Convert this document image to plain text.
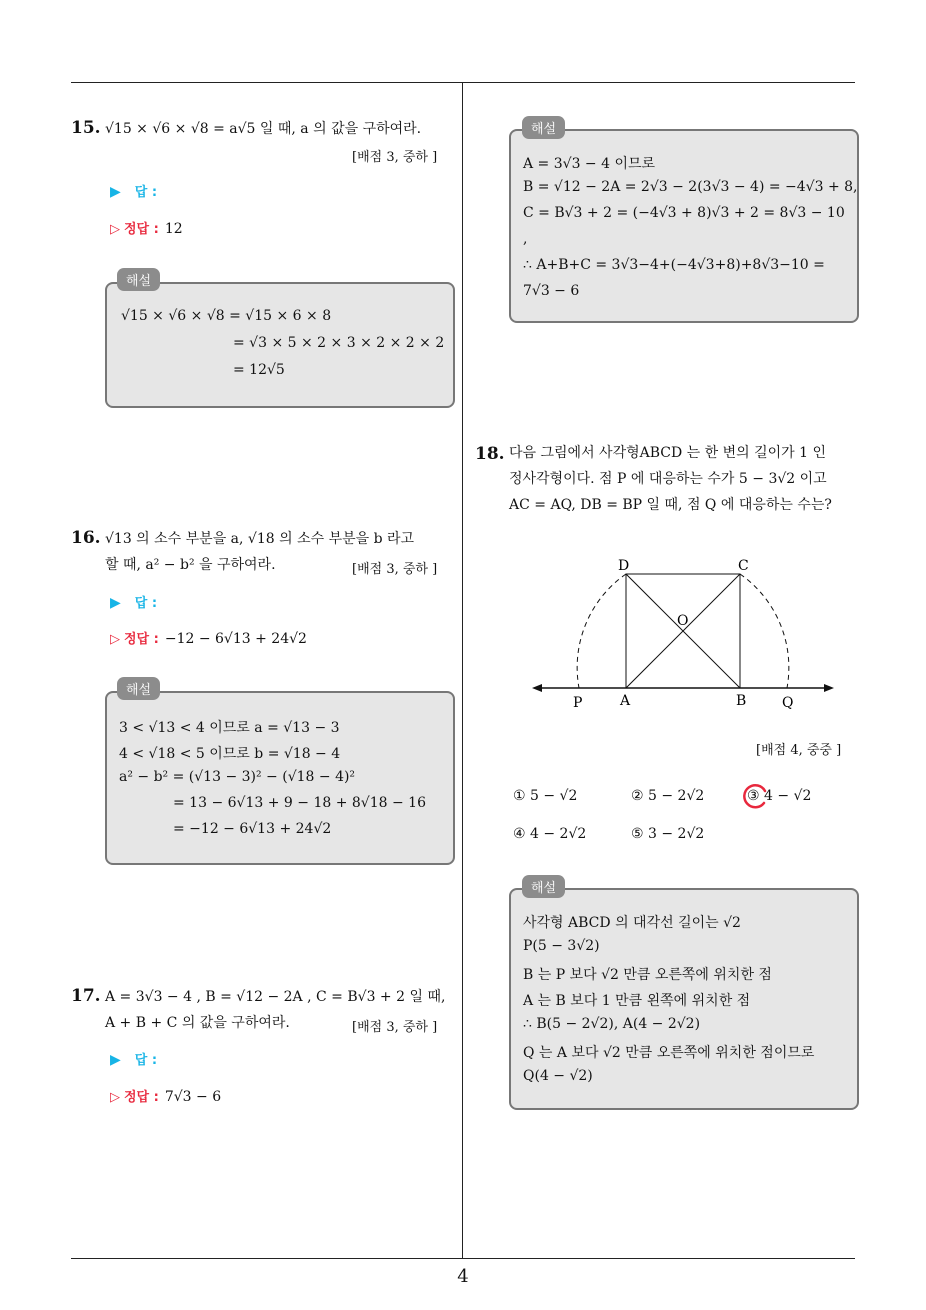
4
15. √15 × √6 × √8 = a√5 일 때, a 의 값을 구하여라.
[배점 3, 중하 ]
▶ 답 :
▷ 정답 : 12
√15 × √6 × √8 = √15 × 6 × 8
= √3 × 5 × 2 × 3 × 2 × 2 × 2
= 12√5
해설
16. √13 의 소수 부분을 a, √18 의 소수 부분을 b 라고
할 때, a² − b² 을 구하여라.	[배점 3, 중하 ]
▶ 답 :
▷ 정답 : −12 − 6√13 + 24√2
3 < √13 < 4 이므로 a = √13 − 3
4 < √18 < 5 이므로 b = √18 − 4
a² − b² = (√13 − 3)² − (√18 − 4)²
= 13 − 6√13 + 9 − 18 + 8√18 − 16
= −12 − 6√13 + 24√2
해설
17. A = 3√3 − 4 , B = √12 − 2A , C = B√3 + 2 일 때,
A + B + C 의 값을 구하여라.	[배점 3, 중하 ]
▶ 답 :
▷ 정답 : 7√3 − 6
A = 3√3 − 4 이므로
B = √12 − 2A = 2√3 − 2(3√3 − 4) = −4√3 + 8,
C = B√3 + 2 = (−4√3 + 8)√3 + 2 = 8√3 − 10
,
∴ A+B+C = 3√3−4+(−4√3+8)+8√3−10 =
7√3 − 6
해설
18. 다음 그림에서 사각형ABCD 는 한 변의 길이가 1 인
정사각형이다. 점 P 에 대응하는 수가 5 − 3√2 이고
AC = AQ, DB = BP 일 때, 점 Q 에 대응하는 수는?
D	C
O
P	A	B	Q
[배점 4, 중중 ]
① 5 − √2	② 5 − 2√2	③ 4 − √2
④ 4 − 2√2	⑤ 3 − 2√2
사각형 ABCD 의 대각선 길이는 √2
P(5 − 3√2)
B 는 P 보다 √2 만큼 오른쪽에 위치한 점
A 는 B 보다 1 만큼 왼쪽에 위치한 점
∴ B(5 − 2√2), A(4 − 2√2)
Q 는 A 보다 √2 만큼 오른쪽에 위치한 점이므로
Q(4 − √2)
해설
